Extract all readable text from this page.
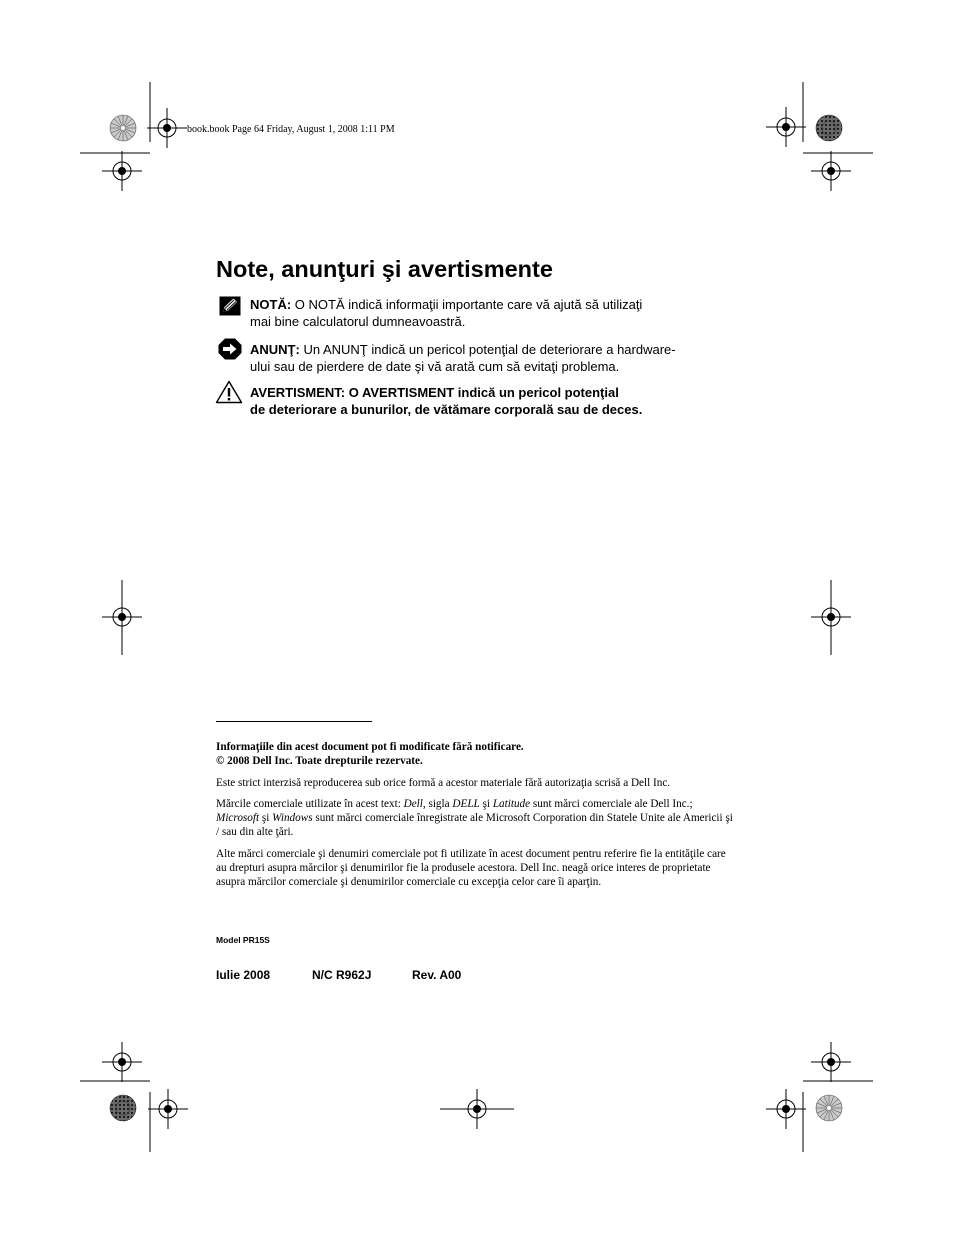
book.book Page 64 Friday, August 1, 2008 1:11 PM
Note, anunţuri şi avertismente
NOTĂ: O NOTĂ indică informaţii importante care vă ajută să utilizaţi
mai bine calculatorul dumneavoastră.
ANUNŢ: Un ANUNŢ indică un pericol potenţial de deteriorare a hardware-
ului sau de pierdere de date şi vă arată cum să evitaţi problema.
AVERTISMENT: O AVERTISMENT indică un pericol potenţial
de deteriorare a bunurilor, de vătămare corporală sau de deces.

Informaţiile din acest document pot fi modificate fără notificare.
© 2008 Dell Inc. Toate drepturile rezervate.

Este strict interzisă reproducerea sub orice formă a acestor materiale fără autorizaţia scrisă a Dell Inc.

Mărcile comerciale utilizate în acest text: Dell, sigla DELL şi Latitude sunt mărci comerciale ale Dell Inc.; Microsoft şi Windows sunt mărci comerciale înregistrate ale Microsoft Corporation din Statele Unite ale Americii şi / sau din alte ţări.

Alte mărci comerciale şi denumiri comerciale pot fi utilizate în acest document pentru referire fie la entităţile care au drepturi asupra mărcilor şi denumirilor fie la produsele acestora. Dell Inc. neagă orice interes de proprietate asupra mărcilor comerciale şi denumirilor comerciale cu excepţia celor care îi aparţin.

Model PR15S
Iulie 2008	N/C R962J	Rev. A00
